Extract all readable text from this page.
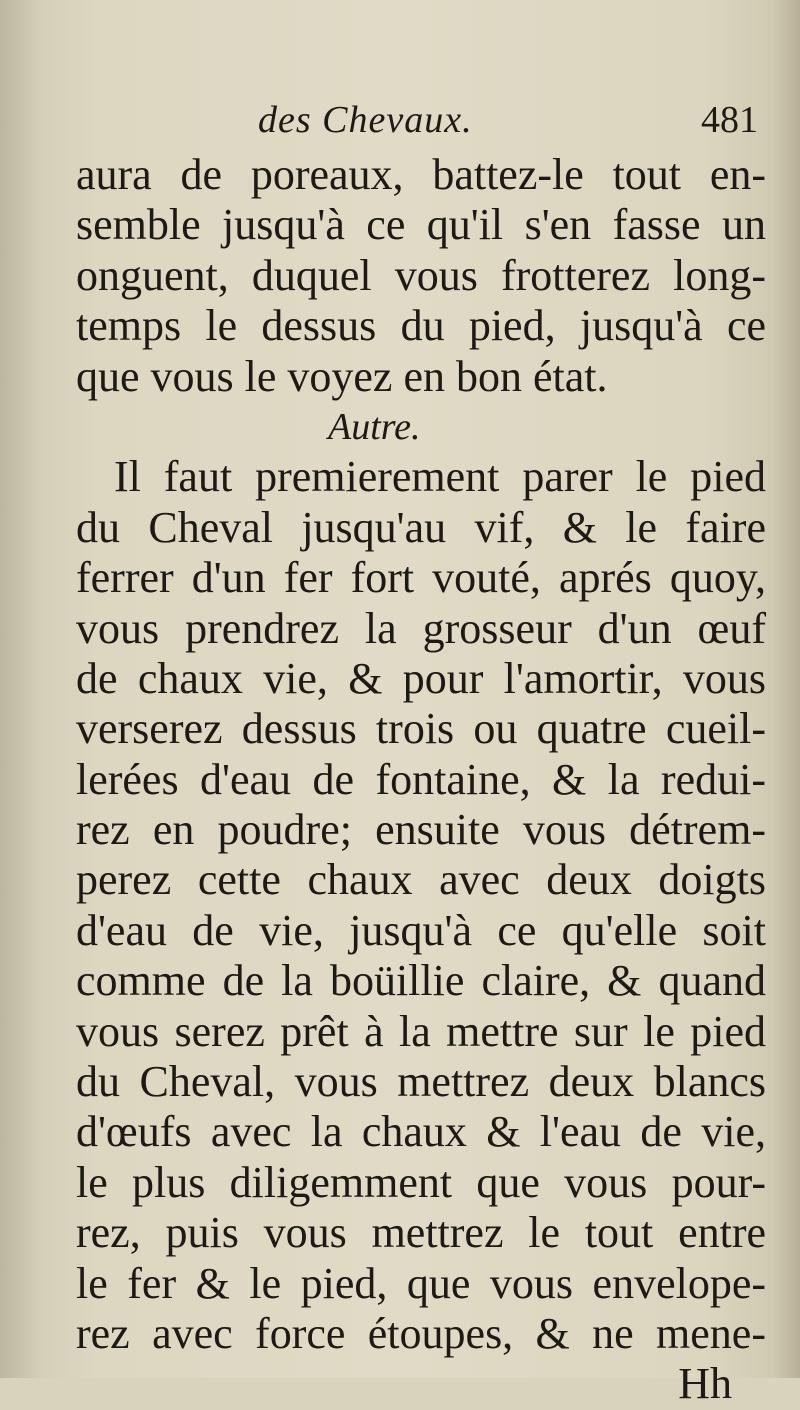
des Chevaux.	481
aura de poreaux, battez-le tout en-
semble jusqu'à ce qu'il s'en fasse un
onguent, duquel vous frotterez long-
temps le dessus du pied, jusqu'à ce
que vous le voyez en bon état.
Autre.
Il faut premierement parer le pied
du Cheval jusqu'au vif, & le faire
ferrer d'un fer fort vouté, aprés quoy,
vous prendrez la grosseur d'un œuf
de chaux vie, & pour l'amortir, vous
verserez dessus trois ou quatre cueil-
lerées d'eau de fontaine, & la redui-
rez en poudre; ensuite vous détrem-
perez cette chaux avec deux doigts
d'eau de vie, jusqu'à ce qu'elle soit
comme de la boüillie claire, & quand
vous serez prêt à la mettre sur le pied
du Cheval, vous mettrez deux blancs
d'œufs avec la chaux & l'eau de vie,
le plus diligemment que vous pour-
rez, puis vous mettrez le tout entre
le fer & le pied, que vous envelope-
rez avec force étoupes, & ne mene-
Hh
